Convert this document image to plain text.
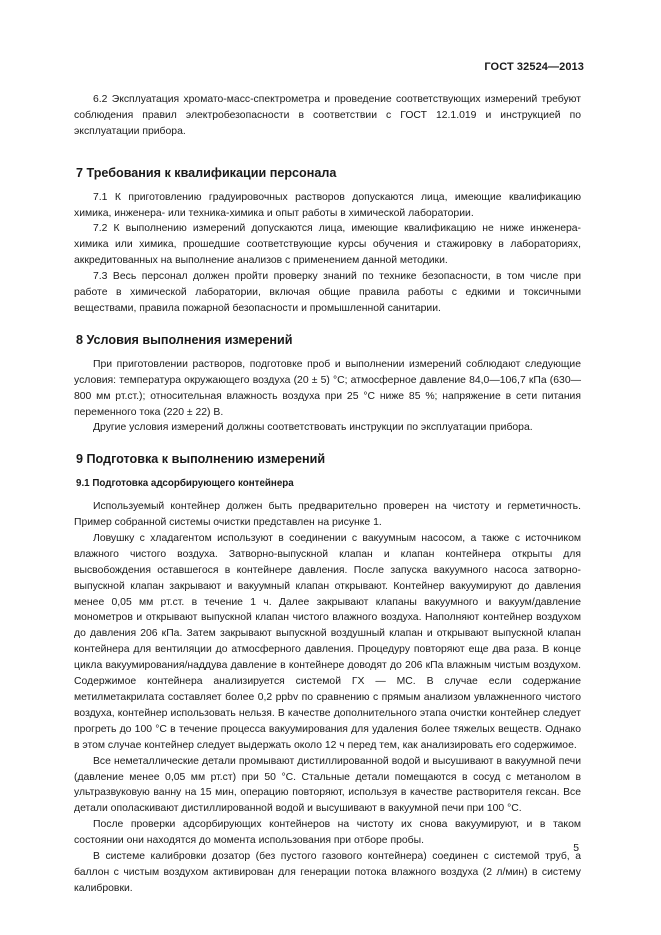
ГОСТ 32524—2013

6.2 Эксплуатация хромато-масс-спектрометра и проведение соответствующих измерений требуют соблюдения правил электробезопасности в соответствии с ГОСТ 12.1.019 и инструкцией по эксплуатации прибора.

7 Требования к квалификации персонала

7.1 К приготовлению градуировочных растворов допускаются лица, имеющие квалификацию химика, инженера- или техника-химика и опыт работы в химической лаборатории.

7.2 К выполнению измерений допускаются лица, имеющие квалификацию не ниже инженера-химика или химика, прошедшие соответствующие курсы обучения и стажировку в лабораториях, аккредитованных на выполнение анализов с применением данной методики.

7.3 Весь персонал должен пройти проверку знаний по технике безопасности, в том числе при работе в химической лаборатории, включая общие правила работы с едкими и токсичными веществами, правила пожарной безопасности и промышленной санитарии.

8 Условия выполнения измерений

При приготовлении растворов, подготовке проб и выполнении измерений соблюдают следующие условия: температура окружающего воздуха (20 ± 5) °С; атмосферное давление 84,0—106,7 кПа (630—800 мм рт.ст.); относительная влажность воздуха при 25 °С ниже 85 %; напряжение в сети питания переменного тока (220 ± 22) В.

Другие условия измерений должны соответствовать инструкции по эксплуатации прибора.

9 Подготовка к выполнению измерений
9.1 Подготовка адсорбирующего контейнера

Используемый контейнер должен быть предварительно проверен на чистоту и герметичность. Пример собранной системы очистки представлен на рисунке 1.

Ловушку с хладагентом используют в соединении с вакуумным насосом, а также с источником влажного чистого воздуха. Затворно-выпускной клапан и клапан контейнера открыты для высвобождения оставшегося в контейнере давления. После запуска вакуумного насоса затворно-выпускной клапан закрывают и вакуумный клапан открывают. Контейнер вакуумируют до давления менее 0,05 мм рт.ст. в течение 1 ч. Далее закрывают клапаны вакуумного и вакуум/давление монометров и открывают выпускной клапан чистого влажного воздуха. Наполняют контейнер воздухом до давления 206 кПа. Затем закрывают выпускной воздушный клапан и открывают выпускной клапан контейнера для вентиляции до атмосферного давления. Процедуру повторяют еще два раза. В конце цикла вакуумирования/наддува давление в контейнере доводят до 206 кПа влажным чистым воздухом. Содержимое контейнера анализируется системой ГХ — МС. В случае если содержание метилметакрилата составляет более 0,2 ppbv по сравнению с прямым анализом увлажненного чистого воздуха, контейнер использовать нельзя. В качестве дополнительного этапа очистки контейнер следует прогреть до 100 °С в течение процесса вакуумирования для удаления более тяжелых веществ. Однако в этом случае контейнер следует выдержать около 12 ч перед тем, как анализировать его содержимое.

Все неметаллические детали промывают дистиллированной водой и высушивают в вакуумной печи (давление менее 0,05 мм рт.ст) при 50 °С. Стальные детали помещаются в сосуд с метанолом в ультразвуковую ванну на 15 мин, операцию повторяют, используя в качестве растворителя гексан. Все детали ополаскивают дистиллированной водой и высушивают в вакуумной печи при 100 °С.

После проверки адсорбирующих контейнеров на чистоту их снова вакуумируют, и в таком состоянии они находятся до момента использования при отборе пробы.

В системе калибровки дозатор (без пустого газового контейнера) соединен с системой труб, а баллон с чистым воздухом активирован для генерации потока влажного воздуха (2 л/мин) в систему калибровки.

5
